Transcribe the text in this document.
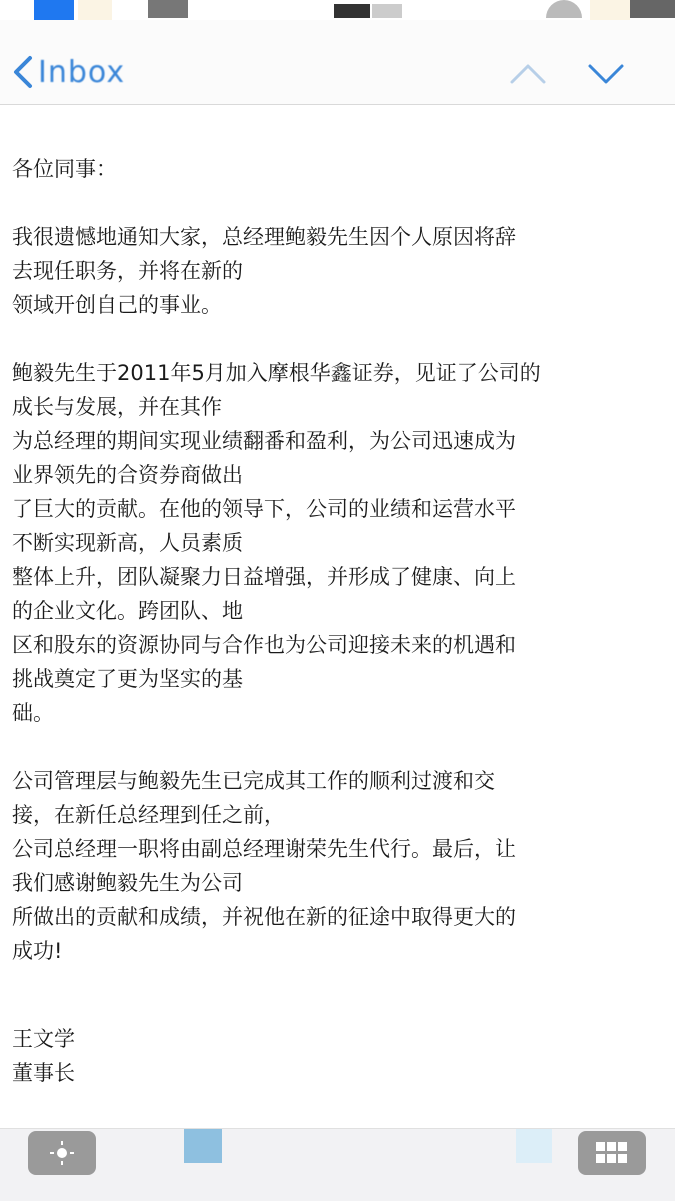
Inbox

各位同事：

我很遗憾地通知大家，总经理鲍毅先生因个人原因将辞
去现任职务，并将在新的
领域开创自己的事业。

鲍毅先生于2011年5月加入摩根华鑫证券，见证了公司的
成长与发展，并在其作
为总经理的期间实现业绩翻番和盈利，为公司迅速成为
业界领先的合资券商做出
了巨大的贡献。在他的领导下，公司的业绩和运营水平
不断实现新高，人员素质
整体上升，团队凝聚力日益增强，并形成了健康、向上
的企业文化。跨团队、地
区和股东的资源协同与合作也为公司迎接未来的机遇和
挑战奠定了更为坚实的基
础。

公司管理层与鲍毅先生已完成其工作的顺利过渡和交
接，在新任总经理到任之前，
公司总经理一职将由副总经理谢荣先生代行。最后，让
我们感谢鲍毅先生为公司
所做出的贡献和成绩，并祝他在新的征途中取得更大的
成功!

王文学
董事长
